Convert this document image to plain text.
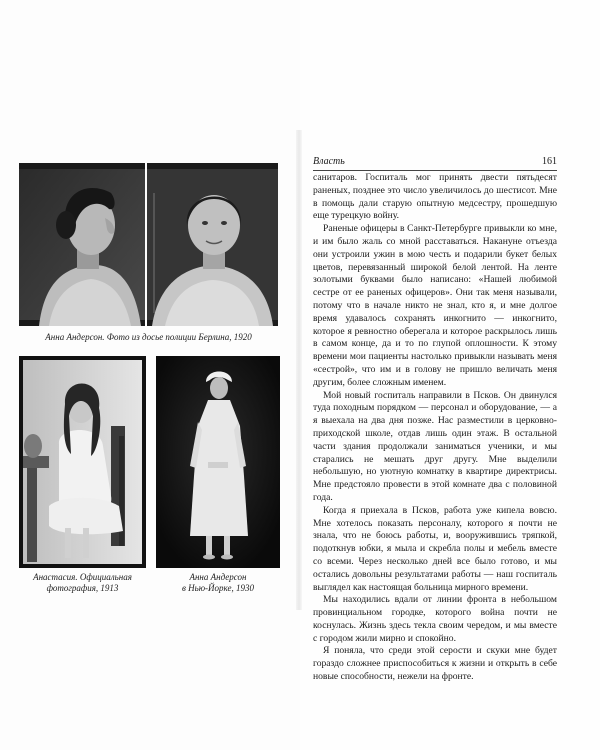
Анна Андерсон. Фото из досье полиции Берлина, 1920
Анастасия. Официальная
фотография, 1913
Анна Андерсон
в Нью-Йорке, 1930
Власть	161

санитаров. Госпиталь мог принять двести пятьдесят раненых, позднее это число увеличилось до шестисот. Мне в помощь дали старую опытную медсестру, прошедшую еще турецкую войну.

Раненые офицеры в Санкт-Петербурге привыкли ко мне, и им было жаль со мной расставаться. Накануне отъезда они устроили ужин в мою честь и подарили букет белых цветов, перевязанный широкой белой лентой. На ленте золотыми буквами было написано: «Нашей любимой сестре от ее раненых офицеров». Они так меня называли, потому что в начале никто не знал, кто я, и мне долгое время удавалось сохранять инкогнито — инкогнито, которое я ревностно оберегала и которое раскрылось лишь в самом конце, да и то по глупой оплошности. К этому времени мои пациенты настолько привыкли называть меня «сестрой», что им и в голову не пришло величать меня другим, более сложным именем.

Мой новый госпиталь направили в Псков. Он двинулся туда походным порядком — персонал и оборудование, — а я выехала на два дня позже. Нас разместили в церковно-приходской школе, отдав лишь один этаж. В остальной части здания продолжали заниматься ученики, и мы старались не мешать друг другу. Мне выделили небольшую, но уютную комнатку в квартире директрисы. Мне предстояло провести в этой комнате два с половиной года.

Когда я приехала в Псков, работа уже кипела вовсю. Мне хотелось показать персоналу, которого я почти не знала, что не боюсь работы, и, вооружившись тряпкой, подоткнув юбки, я мыла и скребла полы и мебель вместе со всеми. Через несколько дней все было готово, и мы остались довольны результатами работы — наш госпиталь выглядел как настоящая больница мирного времени.

Мы находились вдали от линии фронта в небольшом провинциальном городке, которого война почти не коснулась. Жизнь здесь текла своим чередом, и мы вместе с городом жили мирно и спокойно.

Я поняла, что среди этой серости и скуки мне будет гораздо сложнее приспособиться к жизни и открыть в себе новые способности, нежели на фронте.
